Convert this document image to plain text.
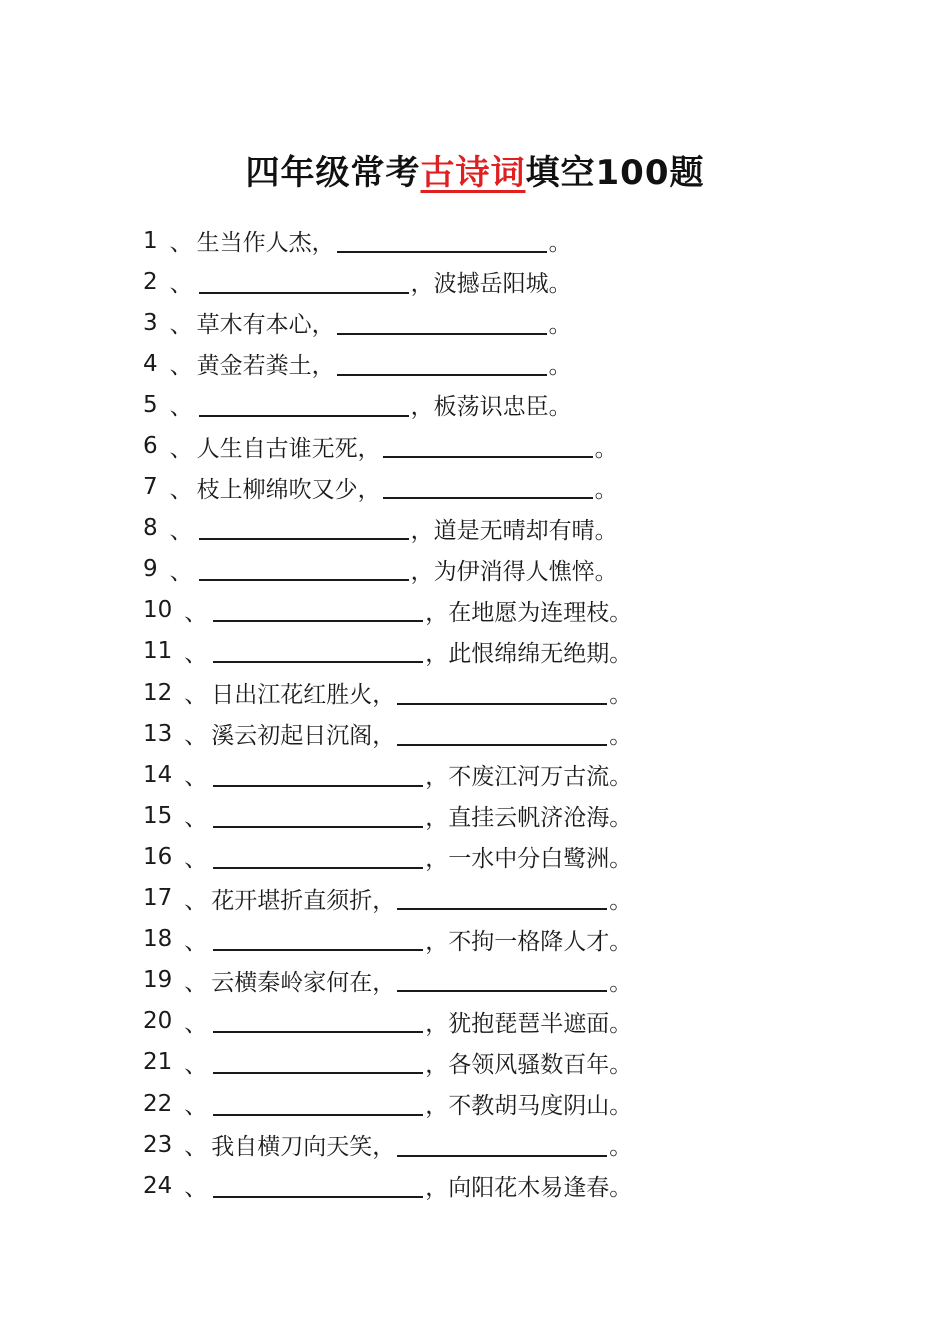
四年级常考古诗词填空100题
1 、 生当作人杰，	。
2 、	，波撼岳阳城。
3 、 草木有本心，	。
4 、 黄金若粪土，	。
5 、	，板荡识忠臣。
6 、 人生自古谁无死，	。
7 、 枝上柳绵吹又少，	。
8 、	，道是无晴却有晴。
9 、	，为伊消得人憔悴。
10 、	，在地愿为连理枝。
11 、	，此恨绵绵无绝期。
12 、 日出江花红胜火，	。
13 、 溪云初起日沉阁，	。
14 、	，不废江河万古流。
15 、	，直挂云帆济沧海。
16 、	，一水中分白鹭洲。
17 、 花开堪折直须折，	。
18 、	，不拘一格降人才。
19 、 云横秦岭家何在，	。
20 、	，犹抱琵琶半遮面。
21 、	，各领风骚数百年。
22 、	，不教胡马度阴山。
23 、 我自横刀向天笑，	。
24 、	，向阳花木易逢春。
